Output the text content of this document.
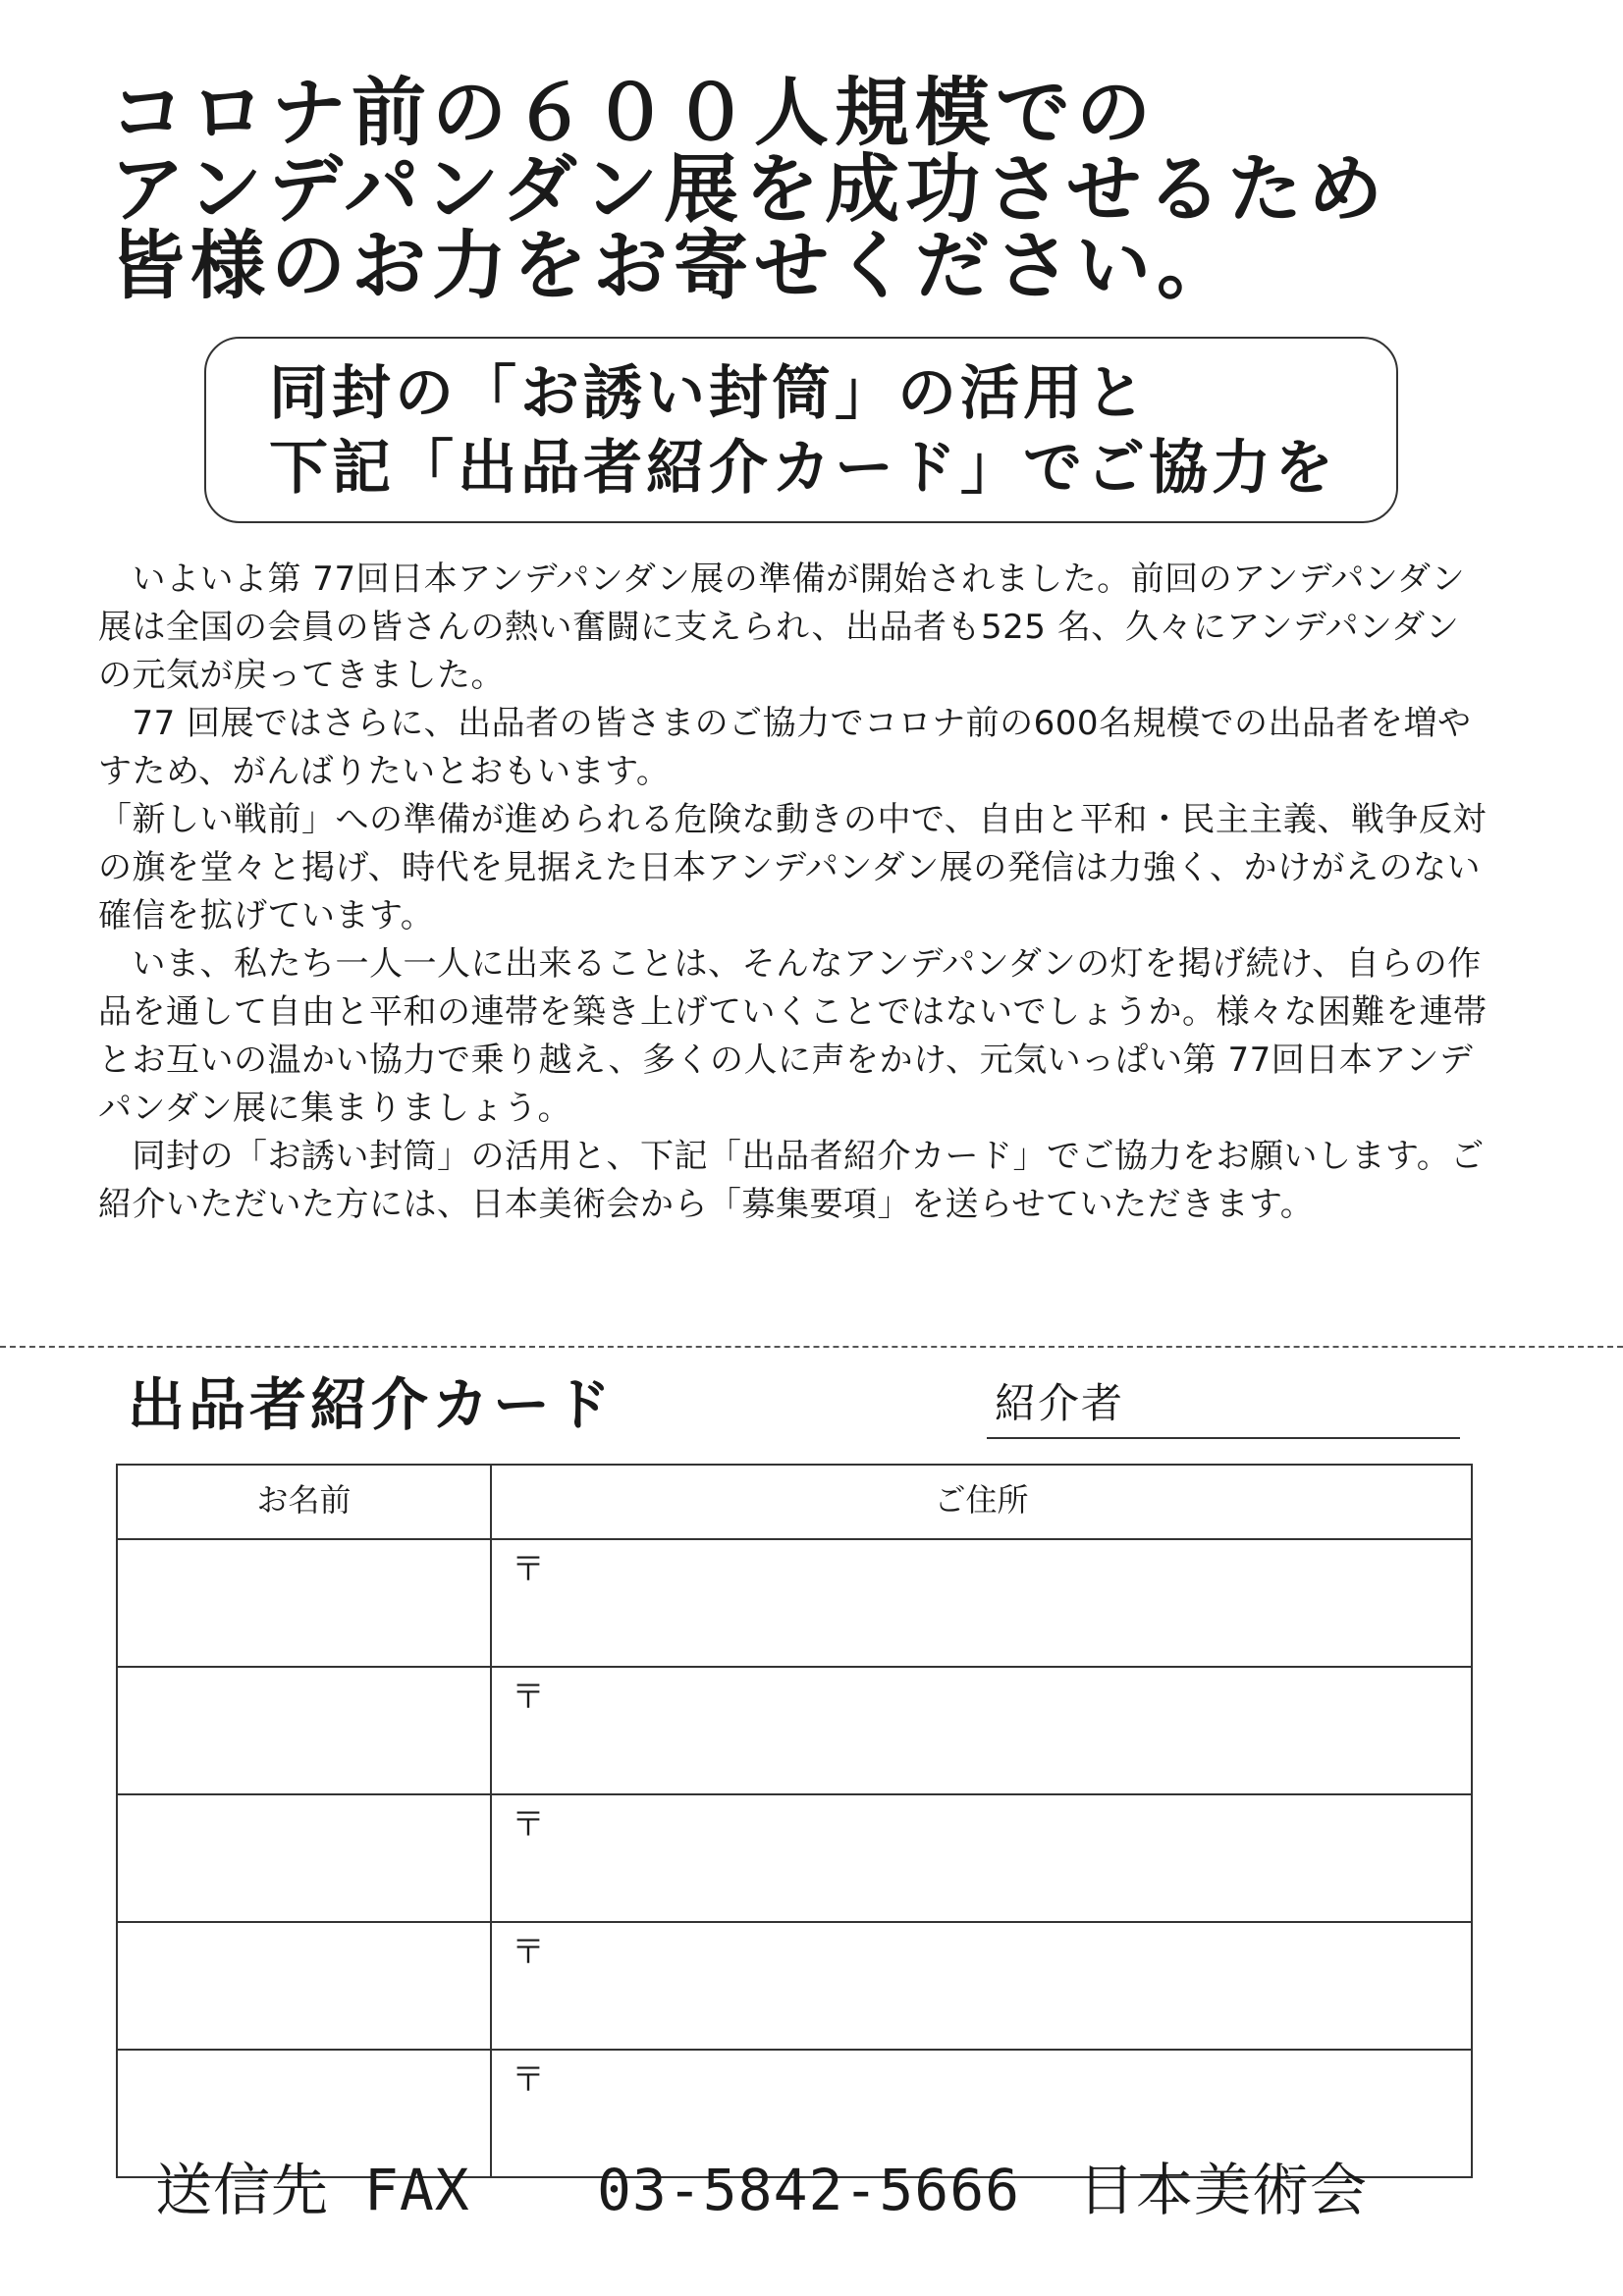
コロナ前の６００人規模での
アンデパンダン展を成功させるため
皆様のお力をお寄せください。
同封の「お誘い封筒」の活用と
下記「出品者紹介カード」でご協力を

　いよいよ第 77回日本アンデパンダン展の準備が開始されました。前回のアンデパンダン展は全国の会員の皆さんの熱い奮闘に支えられ、出品者も525 名、久々にアンデパンダンの元気が戻ってきました。

　77 回展ではさらに、出品者の皆さまのご協力でコロナ前の600名規模での出品者を増やすため、がんばりたいとおもいます。

「新しい戦前」への準備が進められる危険な動きの中で、自由と平和・民主主義、戦争反対の旗を堂々と掲げ、時代を見据えた日本アンデパンダン展の発信は力強く、かけがえのない確信を拡げています。

　いま、私たち一人一人に出来ることは、そんなアンデパンダンの灯を掲げ続け、自らの作品を通して自由と平和の連帯を築き上げていくことではないでしょうか。様々な困難を連帯とお互いの温かい協力で乗り越え、多くの人に声をかけ、元気いっぱい第 77回日本アンデパンダン展に集まりましょう。

　同封の「お誘い封筒」の活用と、下記「出品者紹介カード」でご協力をお願いします。ご紹介いただいた方には、日本美術会から「募集要項」を送らせていただきます。

出品者紹介カード	紹介者
お名前	ご住所
	〒
	〒
	〒
	〒
	〒
送信先 FAX 03-5842-5666 日本美術会
